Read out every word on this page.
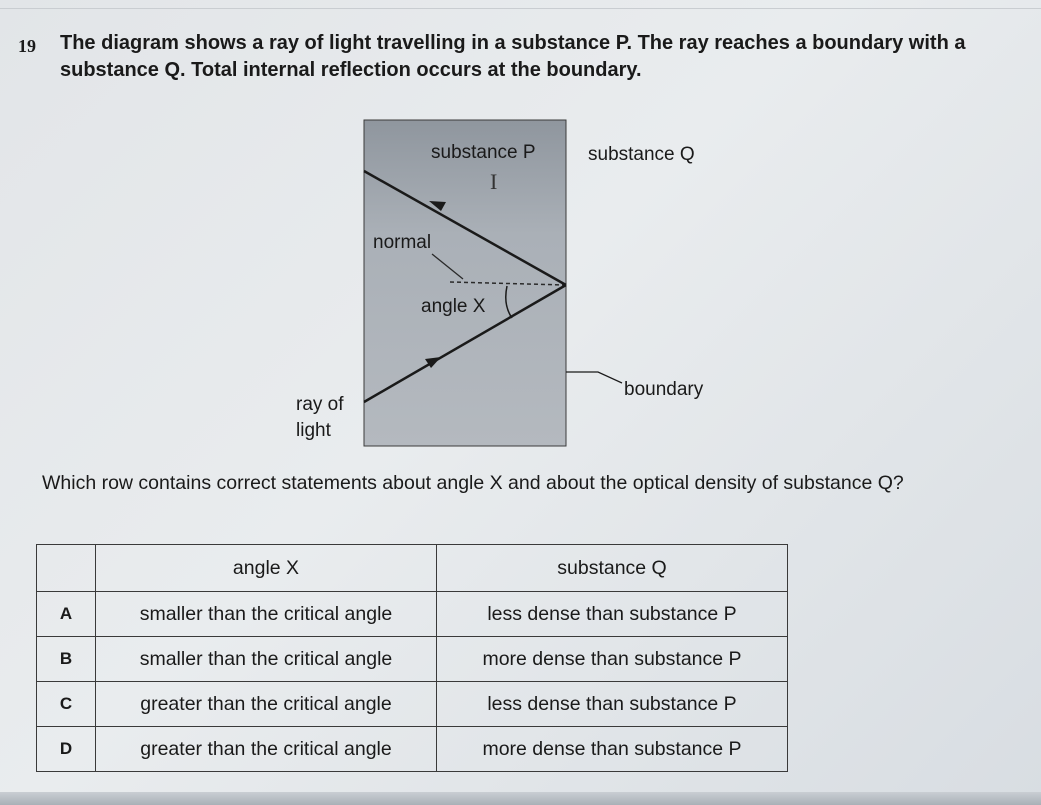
19 The diagram shows a ray of light travelling in a substance P. The ray reaches a boundary with a substance Q. Total internal reflection occurs at the boundary.
I
substance P	substance Q
normal
angle X
boundary
ray of
light
Which row contains correct statements about angle X and about the optical density of substance Q?
	angle X	substance Q
A	smaller than the critical angle	less dense than substance P
B	smaller than the critical angle	more dense than substance P
C	greater than the critical angle	less dense than substance P
D	greater than the critical angle	more dense than substance P
